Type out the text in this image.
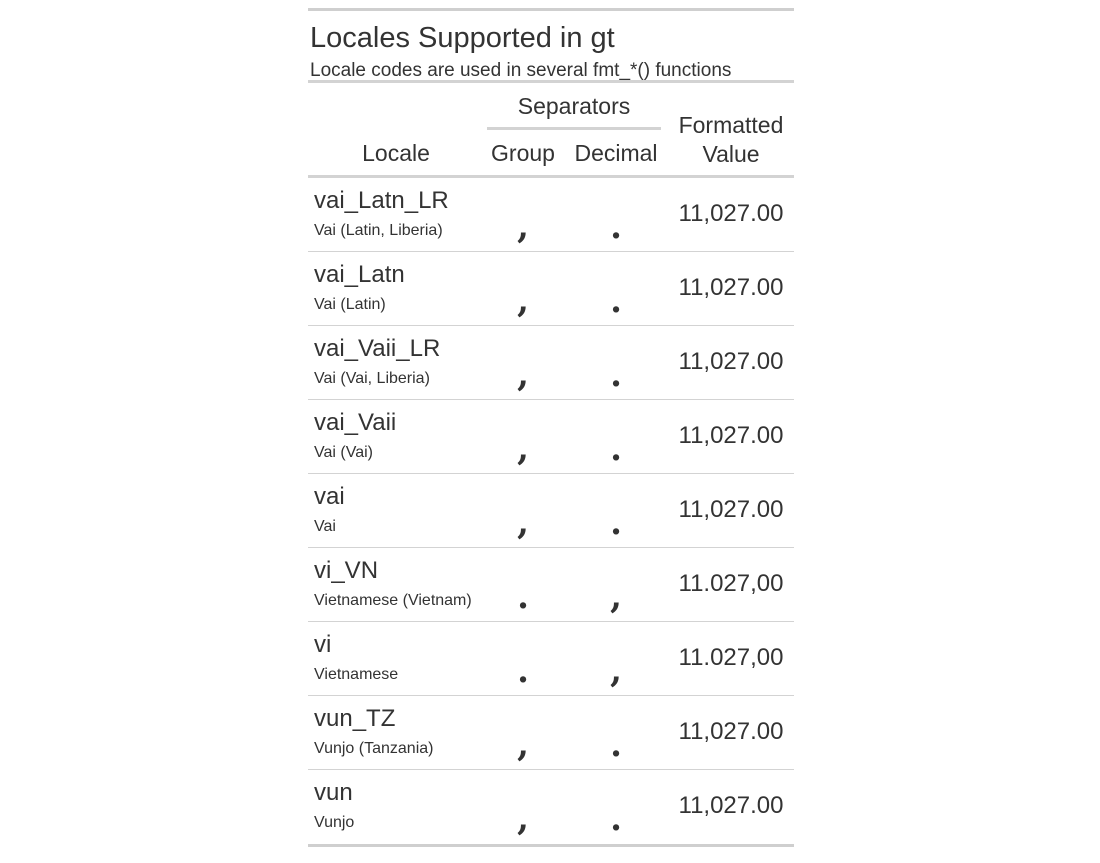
Locales Supported in gt
Locale codes are used in several fmt_*() functions
Separators
Locale	Group Decimal
Formatted
Value
vai_Latn_LR
Vai (Latin, Liberia)	,	.	11,027.00
vai_Latn
Vai (Latin)	,	.	11,027.00
vai_Vaii_LR
Vai (Vai, Liberia)	,	.	11,027.00
vai_Vaii
Vai (Vai)	,	.	11,027.00
vai
Vai	,	.	11,027.00
vi_VN
Vietnamese (Vietnam)	.	,	11.027,00
vi
Vietnamese	.	,	11.027,00
vun_TZ
Vunjo (Tanzania)	,	.	11,027.00
vun
Vunjo	,	.	11,027.00
